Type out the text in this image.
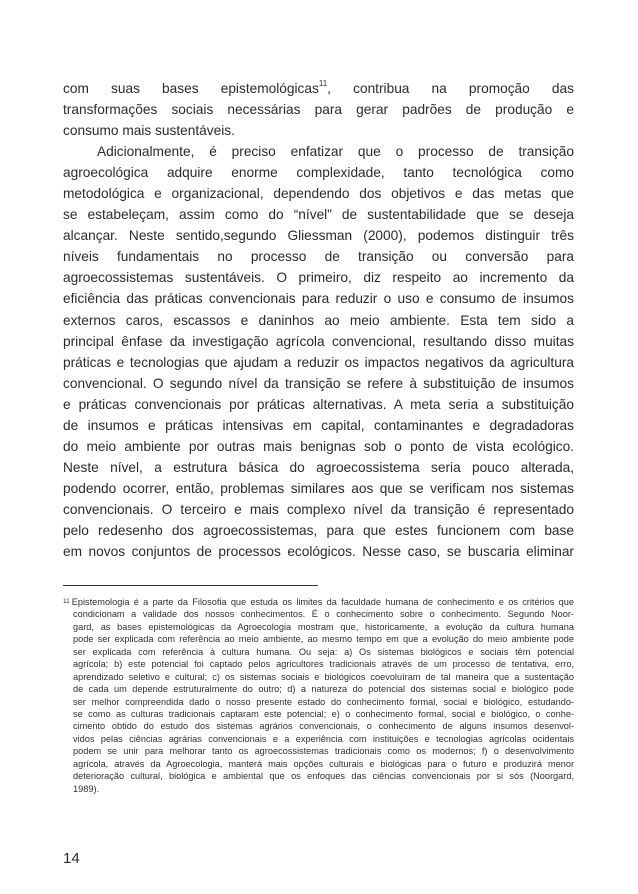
com suas bases epistemológicas$^{11}$, contribua na promoção das
transformações sociais necessárias para gerar padrões de produção e
consumo mais sustentáveis.
Adicionalmente, é preciso enfatizar que o processo de transição
agroecológica adquire enorme complexidade, tanto tecnológica como
metodológica e organizacional, dependendo dos objetivos e das metas que
se estabeleçam, assim como do “nível” de sustentabilidade que se deseja
alcançar. Neste sentido,segundo Gliessman (2000), podemos distinguir três
níveis fundamentais no processo de transição ou conversão para
agroecossistemas sustentáveis. O primeiro, diz respeito ao incremento da
eficiência das práticas convencionais para reduzir o uso e consumo de insumos
externos caros, escassos e daninhos ao meio ambiente. Esta tem sido a
principal ênfase da investigação agrícola convencional, resultando disso muitas
práticas e tecnologias que ajudam a reduzir os impactos negativos da agricultura
convencional. O segundo nível da transição se refere à substituição de insumos
e práticas convencionais por práticas alternativas. A meta seria a substituição
de insumos e práticas intensivas em capital, contaminantes e degradadoras
do meio ambiente por outras mais benignas sob o ponto de vista ecológico.
Neste nível, a estrutura básica do agroecossistema seria pouco alterada,
podendo ocorrer, então, problemas similares aos que se verificam nos sistemas
convencionais. O terceiro e mais complexo nível da transição é representado
pelo redesenho dos agroecossistemas, para que estes funcionem com base
em novos conjuntos de processos ecológicos. Nesse caso, se buscaria eliminar
$^{11}$ Epistemologia é a parte da Filosofia que estuda os limites da faculdade humana de conhecimento e os critérios que
condicionam a validade dos nossos conhecimentos. É o conhecimento sobre o conhecimento. Segundo Noor-
gard, as bases epistemológicas da Agroecologia mostram que, historicamente, a evolução da cultura humana
pode ser explicada com referência ao meio ambiente, ao mesmo tempo em que a evolução do meio ambiente pode
ser explicada com referência à cultura humana. Ou seja: a) Os sistemas biológicos e sociais têm potencial
agrícola; b) este potencial foi captado pelos agricultores tradicionais através de um processo de tentativa, erro,
aprendizado seletivo e cultural; c) os sistemas sociais e biológicos coevoluíram de tal maneira que a sustentação
de cada um depende estruturalmente do outro; d) a natureza do potencial dos sistemas social e biológico pode
ser melhor compreendida dado o nosso presente estado do conhecimento formal, social e biológico, estudando-
se como as culturas tradicionais captaram este potencial; e) o conhecimento formal, social e biológico, o conhe-
cimento obtido do estudo dos sistemas agrários convencionais, o conhecimento de alguns insumos desenvol-
vidos pelas ciências agrárias convencionais e a experiência com instituições e tecnologias agrícolas ocidentais
podem se unir para melhorar tanto os agroecossistemas tradicionais como os modernos; f) o desenvolvimento
agrícola, através da Agroecologia, manterá mais opções culturais e biológicas para o futuro e produzirá menor
deterioração cultural, biológica e ambiental que os enfoques das ciências convencionais por si sós (Noorgard,
1989).
14
